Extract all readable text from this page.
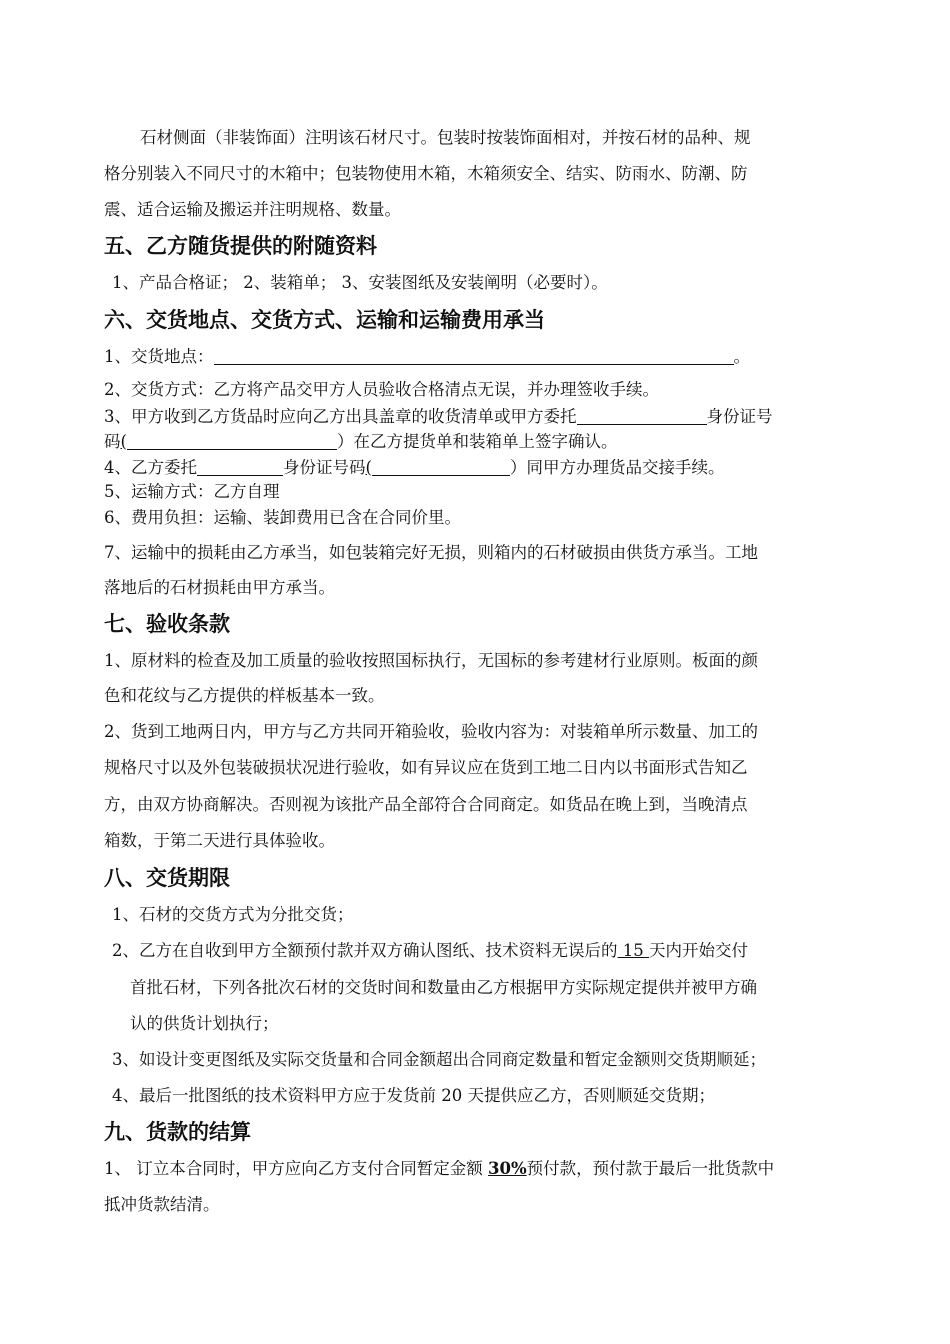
石材侧面（非装饰面）注明该石材尺寸。包装时按装饰面相对，并按石材的品种、规
格分别装入不同尺寸的木箱中；包装物使用木箱，木箱须安全、结实、防雨水、防潮、防
震、适合运输及搬运并注明规格、数量。
五、乙方随货提供的附随资料
1、产品合格证； 2、装箱单； 3、安装图纸及安装阐明（必要时）。
六、交货地点、交货方式、运输和运输费用承当
1、交货地点：	。
2、交货方式：乙方将产品交甲方人员验收合格清点无误，并办理签收手续。
3、甲方收到乙方货品时应向乙方出具盖章的收货清单或甲方委托	身份证号
码(	）在乙方提货单和装箱单上签字确认。
4、乙方委托	身份证号码(	）同甲方办理货品交接手续。
5、运输方式：乙方自理
6、费用负担：运输、装卸费用已含在合同价里。
7、运输中的损耗由乙方承当，如包装箱完好无损，则箱内的石材破损由供货方承当。工地
落地后的石材损耗由甲方承当。
七、验收条款
1、原材料的检查及加工质量的验收按照国标执行，无国标的参考建材行业原则。板面的颜
色和花纹与乙方提供的样板基本一致。
2、货到工地两日内，甲方与乙方共同开箱验收，验收内容为：对装箱单所示数量、加工的
规格尺寸以及外包装破损状况进行验收，如有异议应在货到工地二日内以书面形式告知乙
方，由双方协商解决。否则视为该批产品全部符合合同商定。如货品在晚上到，当晚清点
箱数，于第二天进行具体验收。
八、交货期限
1、石材的交货方式为分批交货；
2、乙方在自收到甲方全额预付款并双方确认图纸、技术资料无误后的 15 天内开始交付
首批石材，下列各批次石材的交货时间和数量由乙方根据甲方实际规定提供并被甲方确
认的供货计划执行；
3、如设计变更图纸及实际交货量和合同金额超出合同商定数量和暂定金额则交货期顺延；
4、最后一批图纸的技术资料甲方应于发货前 20 天提供应乙方，否则顺延交货期；
九、货款的结算
1、 订立本合同时，甲方应向乙方支付合同暂定金额 30%预付款，预付款于最后一批货款中
抵冲货款结清。
